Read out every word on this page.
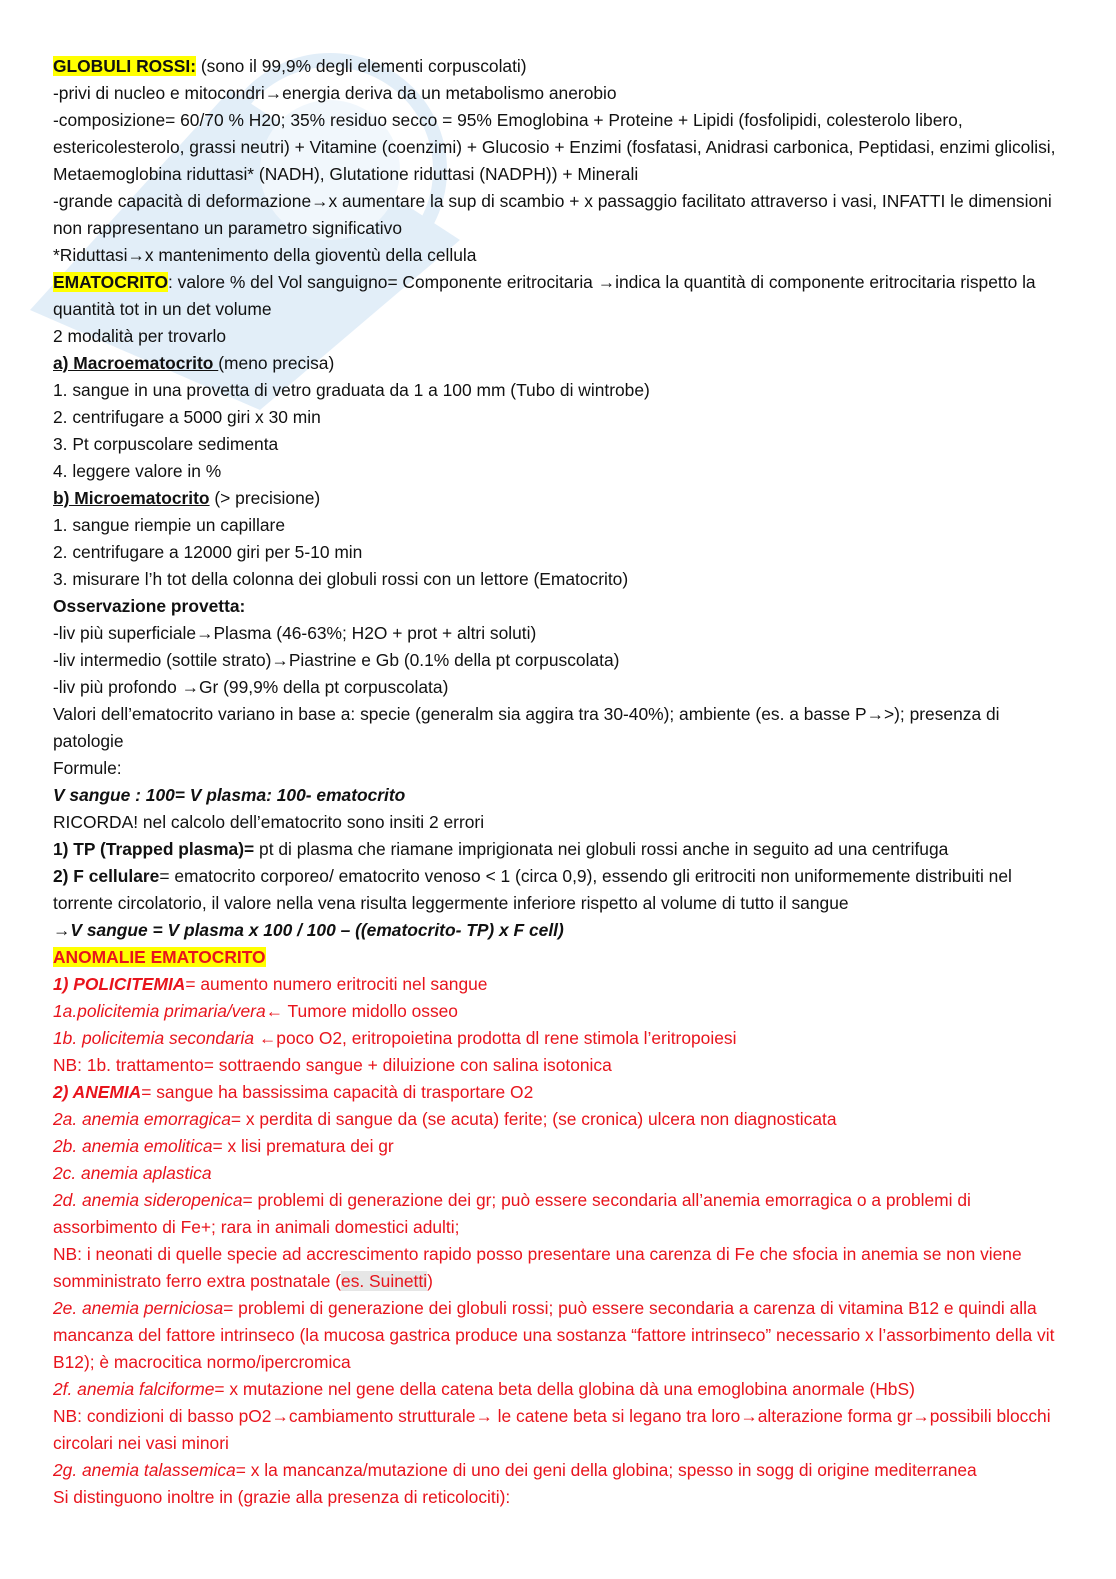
GLOBULI ROSSI: (sono il 99,9% degli elementi corpuscolati)
-privi di nucleo e mitocondri→energia deriva da un metabolismo anerobio
-composizione= 60/70 % H20; 35% residuo secco = 95% Emoglobina + Proteine + Lipidi (fosfolipidi, colesterolo libero, estericolesterolo, grassi neutri) + Vitamine (coenzimi) + Glucosio + Enzimi (fosfatasi, Anidrasi carbonica, Peptidasi, enzimi glicolisi, Metaemoglobina riduttasi* (NADH), Glutatione riduttasi (NADPH)) + Minerali
-grande capacità di deformazione→x aumentare la sup di scambio + x passaggio facilitato attraverso i vasi, INFATTI le dimensioni non rappresentano un parametro significativo
*Riduttasi→x mantenimento della gioventù della cellula
EMATOCRITO: valore % del Vol sanguigno= Componente eritrocitaria →indica la quantità di componente eritrocitaria rispetto la quantità tot in un det volume
2 modalità per trovarlo
a) Macroematocrito (meno precisa)
1. sangue in una provetta di vetro graduata da 1 a 100 mm (Tubo di wintrobe)
2. centrifugare a 5000 giri x 30 min
3. Pt corpuscolare sedimenta
4. leggere valore in %
b) Microematocrito (> precisione)
1. sangue riempie un capillare
2. centrifugare a 12000 giri per 5-10 min
3. misurare l’h tot della colonna dei globuli rossi con un lettore (Ematocrito)
Osservazione provetta:
-liv più superficiale→Plasma (46-63%; H2O + prot + altri soluti)
-liv intermedio (sottile strato)→Piastrine e Gb (0.1% della pt corpuscolata)
-liv più profondo →Gr (99,9% della pt corpuscolata)
Valori dell’ematocrito variano in base a: specie (generalm sia aggira tra 30-40%); ambiente (es. a basse P→>); presenza di patologie
Formule:
V sangue : 100= V plasma: 100- ematocrito
RICORDA! nel calcolo dell’ematocrito sono insiti 2 errori
1) TP (Trapped plasma)= pt di plasma che riamane imprigionata nei globuli rossi anche in seguito ad una centrifuga
2) F cellulare= ematocrito corporeo/ ematocrito venoso < 1 (circa 0,9), essendo gli eritrociti non uniformemente distribuiti nel torrente circolatorio, il valore nella vena risulta leggermente inferiore rispetto al volume di tutto il sangue
→V sangue = V plasma x 100 / 100 – ((ematocrito- TP) x F cell)
ANOMALIE EMATOCRITO
1) POLICITEMIA= aumento numero eritrociti nel sangue
1a.policitemia primaria/vera← Tumore midollo osseo
1b. policitemia secondaria ←poco O2, eritropoietina prodotta dl rene stimola l’eritropoiesi
NB: 1b. trattamento= sottraendo sangue + diluizione con salina isotonica
2) ANEMIA= sangue ha bassissima capacità di trasportare O2
2a. anemia emorragica= x perdita di sangue da (se acuta) ferite; (se cronica) ulcera non diagnosticata
2b. anemia emolitica= x lisi prematura dei gr
2c. anemia aplastica
2d. anemia sideropenica= problemi di generazione dei gr; può essere secondaria all’anemia emorragica o a problemi di assorbimento di Fe+; rara in animali domestici adulti;
NB: i neonati di quelle specie ad accrescimento rapido posso presentare una carenza di Fe che sfocia in anemia se non viene somministrato ferro extra postnatale (es. Suinetti)
2e. anemia perniciosa= problemi di generazione dei globuli rossi; può essere secondaria a carenza di vitamina B12 e quindi alla mancanza del fattore intrinseco (la mucosa gastrica produce una sostanza “fattore intrinseco” necessario x l’assorbimento della vit B12); è macrocitica normo/ipercromica
2f. anemia falciforme= x mutazione nel gene della catena beta della globina dà una emoglobina anormale (HbS)
NB: condizioni di basso pO2→cambiamento strutturale→ le catene beta si legano tra loro→alterazione forma gr→possibili blocchi circolari nei vasi minori
2g. anemia talassemica= x la mancanza/mutazione di uno dei geni della globina; spesso in sogg di origine mediterranea
Si distinguono inoltre in (grazie alla presenza di reticolociti):
